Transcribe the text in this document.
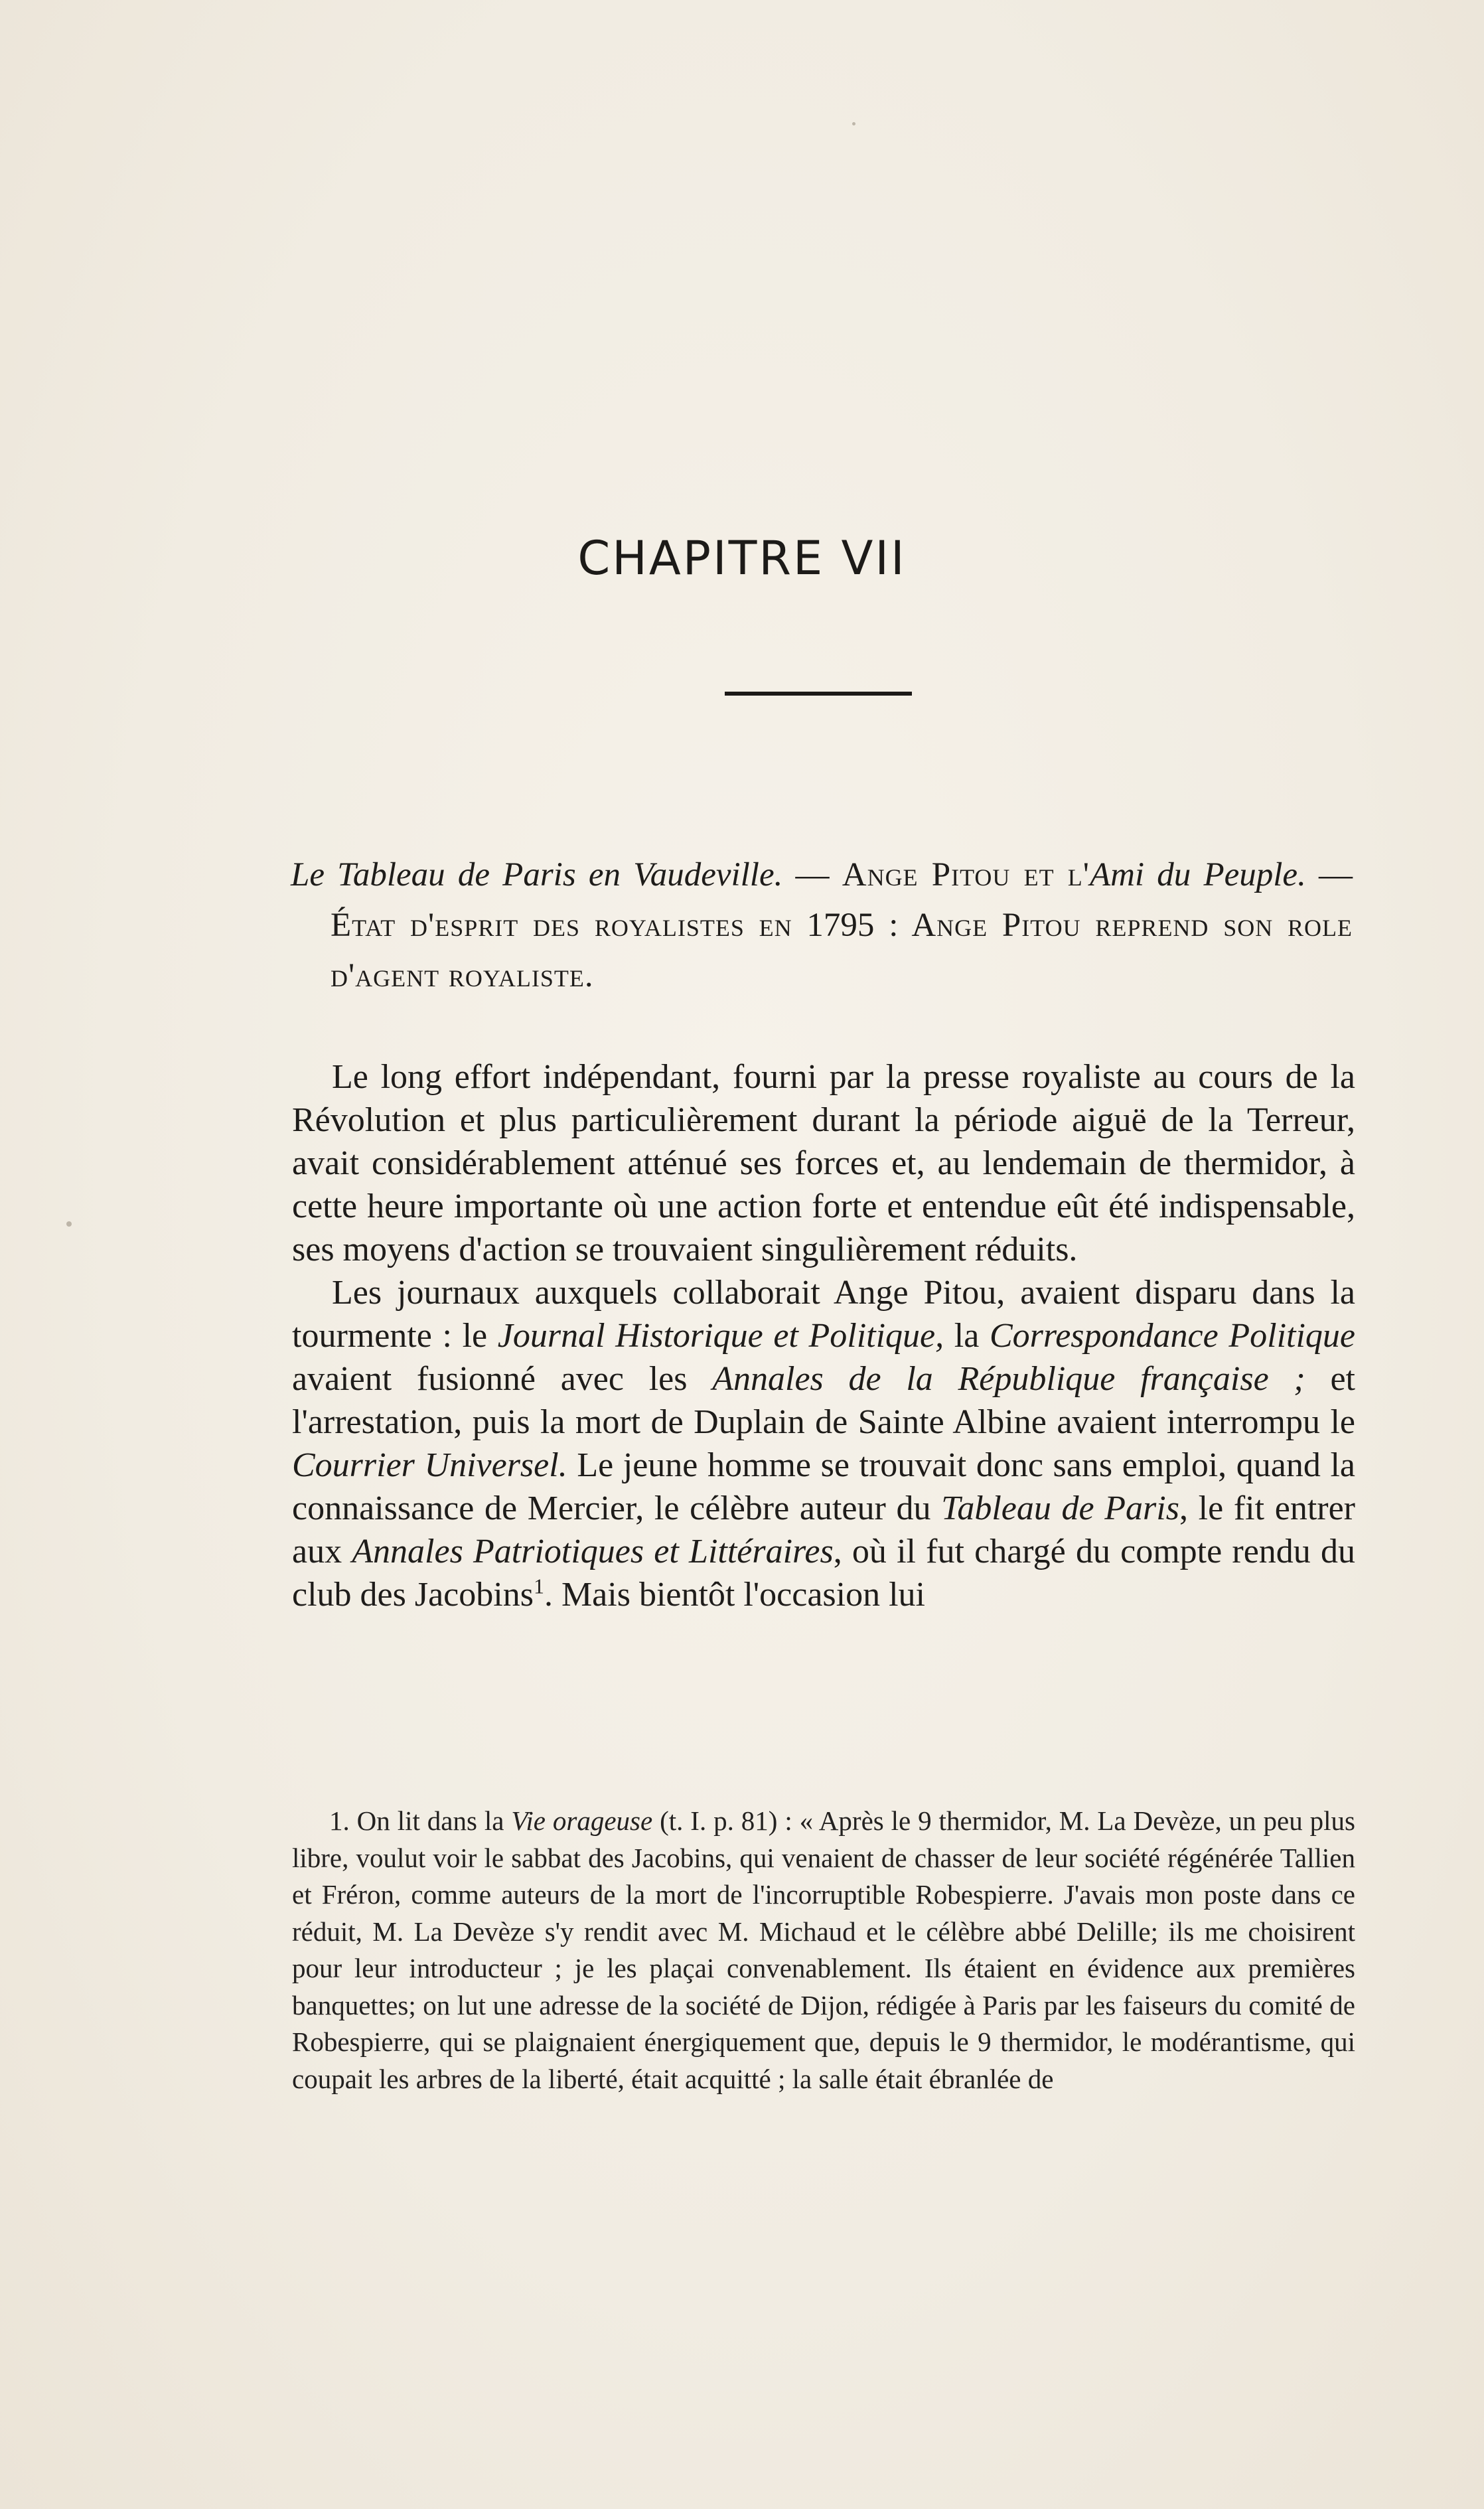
CHAPITRE VII

Le Tableau de Paris en Vaudeville. — Ange Pitou et l'Ami du Peuple. — État d'esprit des royalistes en 1795 : Ange Pitou reprend son role d'agent royaliste.

Le long effort indépendant, fourni par la presse royaliste au cours de la Révolution et plus particulièrement durant la période aiguë de la Terreur, avait considérablement atténué ses forces et, au lendemain de thermidor, à cette heure importante où une action forte et entendue eût été indispensable, ses moyens d'action se trouvaient singulièrement réduits.

Les journaux auxquels collaborait Ange Pitou, avaient disparu dans la tourmente : le Journal Historique et Politique, la Correspondance Politique avaient fusionné avec les Annales de la République française ; et l'arrestation, puis la mort de Duplain de Sainte Albine avaient interrompu le Courrier Universel. Le jeune homme se trouvait donc sans emploi, quand la connaissance de Mercier, le célèbre auteur du Tableau de Paris, le fit entrer aux Annales Patriotiques et Littéraires, où il fut chargé du compte rendu du club des Jacobins$^1$. Mais bientôt l'occasion lui

1. On lit dans la Vie orageuse (t. I. p. 81) : « Après le 9 thermidor, M. La Devèze, un peu plus libre, voulut voir le sabbat des Jacobins, qui venaient de chasser de leur société régénérée Tallien et Fréron, comme auteurs de la mort de l'incorruptible Robespierre. J'avais mon poste dans ce réduit, M. La Devèze s'y rendit avec M. Michaud et le célèbre abbé Delille; ils me choisirent pour leur introducteur ; je les plaçai convenablement. Ils étaient en évidence aux premières banquettes; on lut une adresse de la société de Dijon, rédigée à Paris par les faiseurs du comité de Robespierre, qui se plaignaient énergiquement que, depuis le 9 thermidor, le modérantisme, qui coupait les arbres de la liberté, était acquitté ; la salle était ébranlée de
